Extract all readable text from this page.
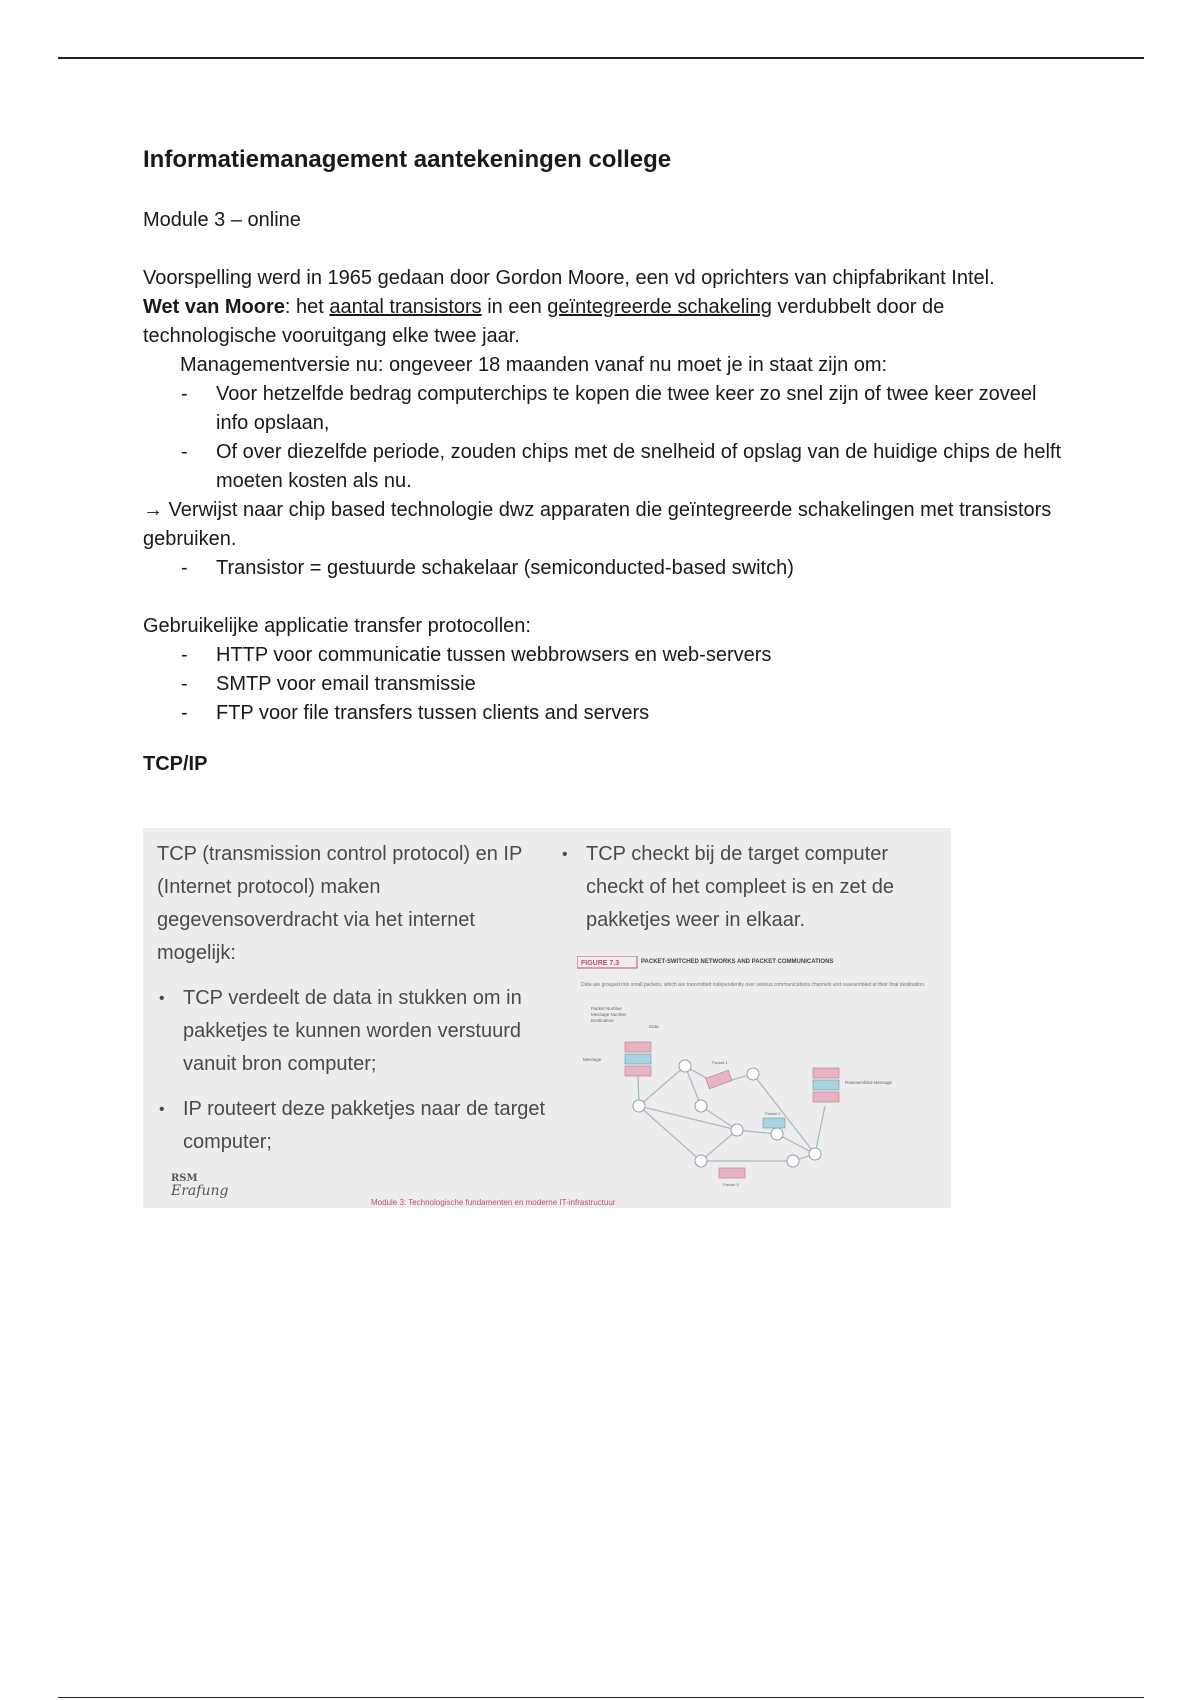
Informatiemanagement aantekeningen college

Module 3 – online

Voorspelling werd in 1965 gedaan door Gordon Moore, een vd oprichters van chipfabrikant Intel.

Wet van Moore: het aantal transistors in een geïntegreerde schakeling verdubbelt door de technologische vooruitgang elke twee jaar.

Managementversie nu: ongeveer 18 maanden vanaf nu moet je in staat zijn om:

- Voor hetzelfde bedrag computerchips te kopen die twee keer zo snel zijn of twee keer zoveel info opslaan,
- Of over diezelfde periode, zouden chips met de snelheid of opslag van de huidige chips de helft moeten kosten als nu.

→ Verwijst naar chip based technologie dwz apparaten die geïntegreerde schakelingen met transistors gebruiken.

- Transistor = gestuurde schakelaar (semiconducted-based switch)

Gebruikelijke applicatie transfer protocollen:

- HTTP voor communicatie tussen webbrowsers en web-servers
- SMTP voor email transmissie
- FTP voor file transfers tussen clients and servers
TCP/IP

TCP (transmission control protocol) en IP (Internet protocol) maken gegevensoverdracht via het internet mogelijk:

• TCP verdeelt de data in stukken om in pakketjes te kunnen worden verstuurd vanuit bron computer;
• IP routeert deze pakketjes naar de target computer;
• TCP checkt bij de target computer checkt of het compleet is en zet de pakketjes weer in elkaar.
FIGURE 7.3	PACKET-SWITCHED NETWORKS AND PACKET COMMUNICATIONS
Data are grouped into small packets, which are transmitted independently over various communications channels and reassembled at their final destination.
Packet Number
Message Number
Destination
Data
Message
Packet 1
Packet 2
Packet 3
Reassembled Message
RSM
Erafung
Module 3: Technologische fundamenten en moderne IT-infrastructuur
